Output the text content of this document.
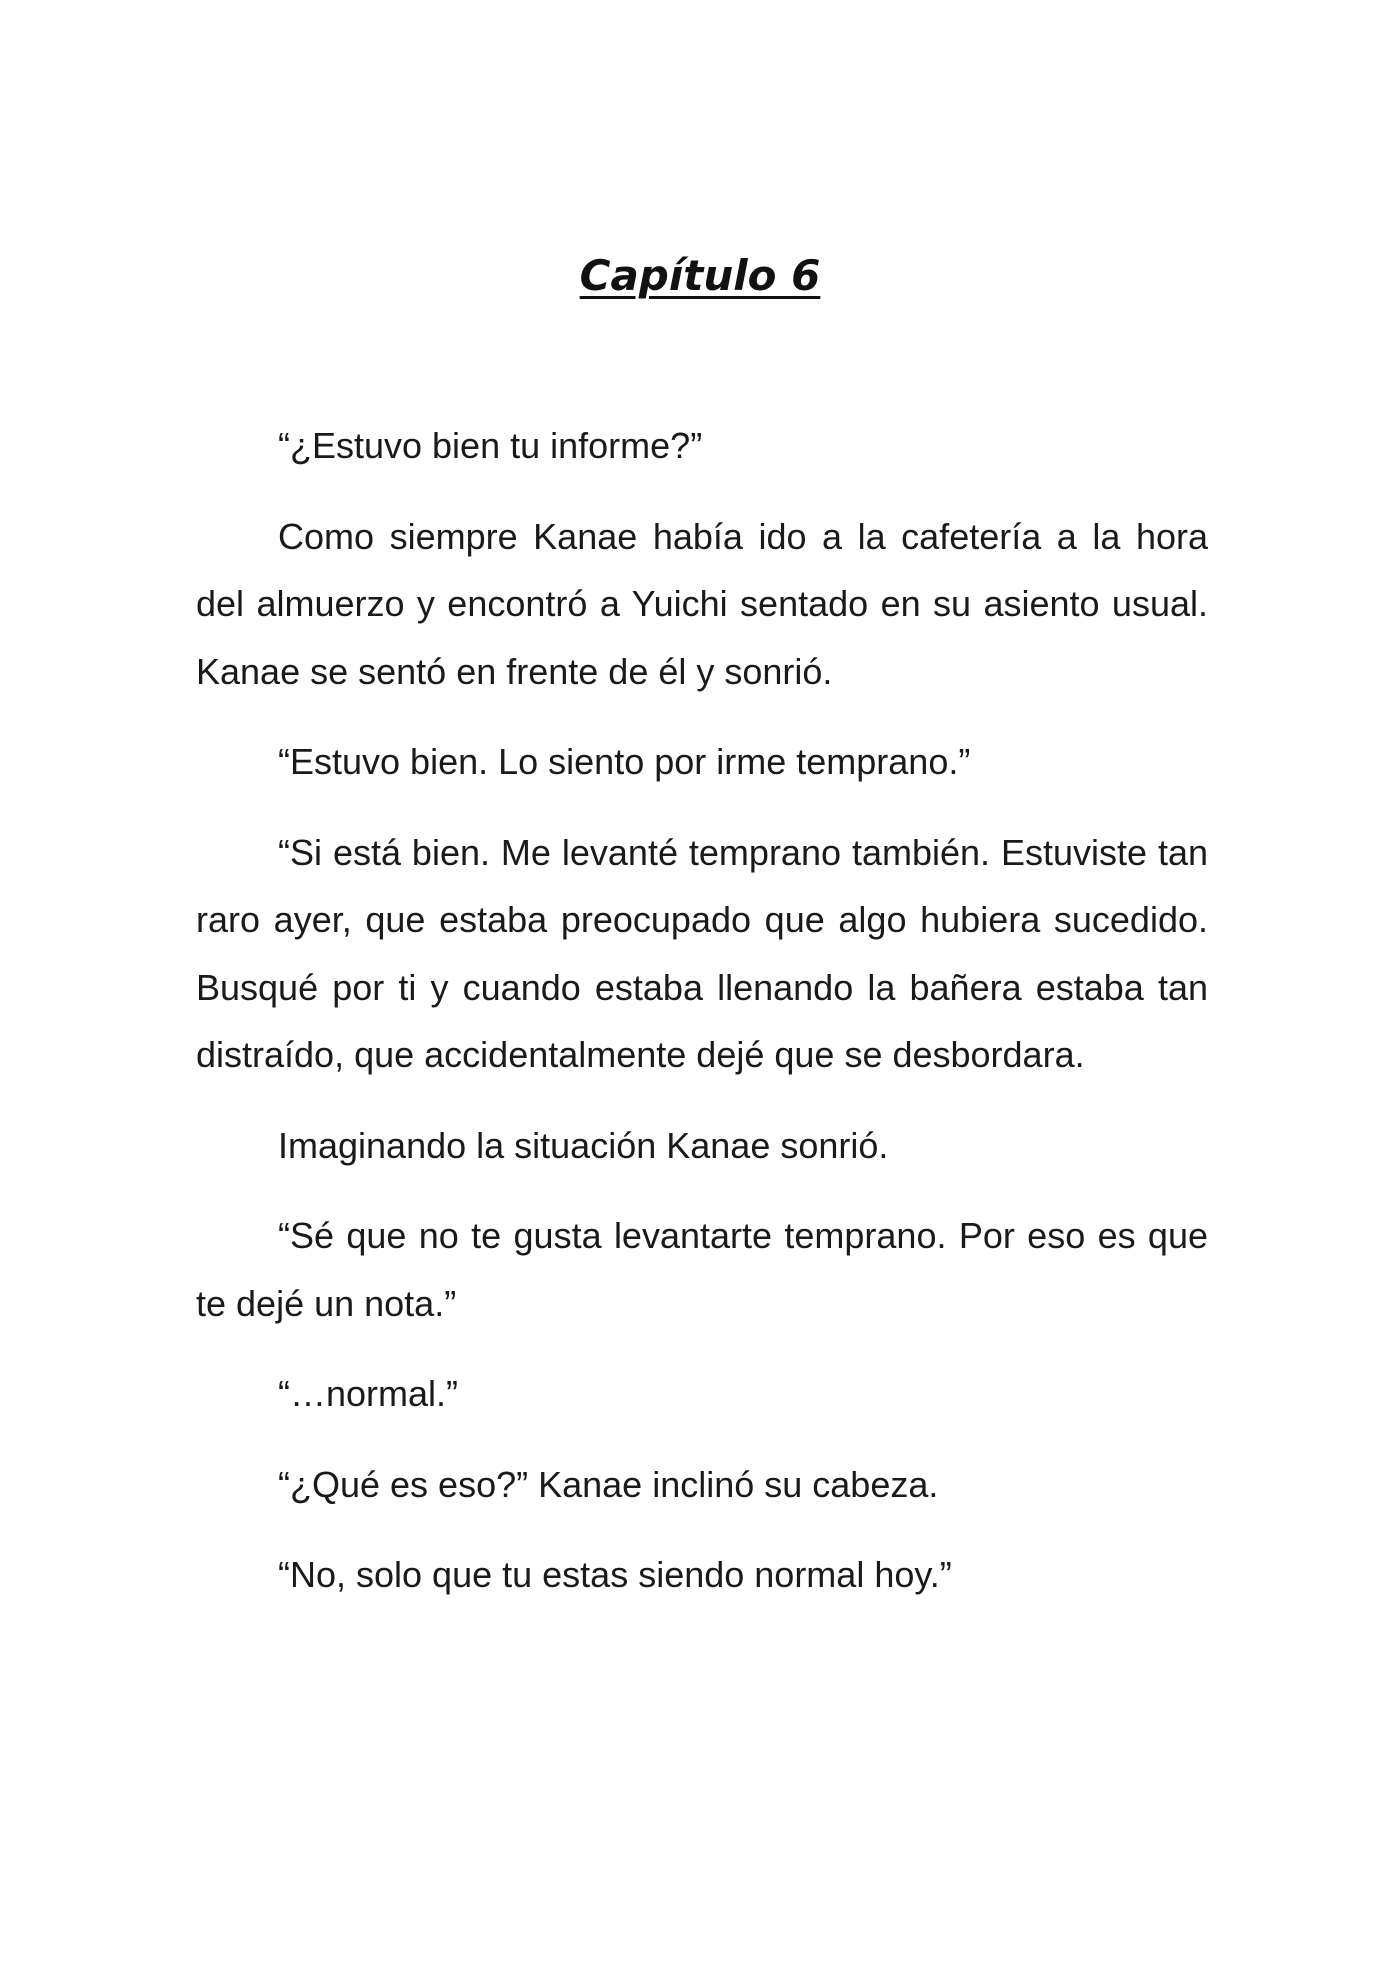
Capítulo 6

“¿Estuvo bien tu informe?”

Como siempre Kanae había ido a la cafetería a la hora del almuerzo y encontró a Yuichi sentado en su asiento usual. Kanae se sentó en frente de él y sonrió.

“Estuvo bien. Lo siento por irme temprano.”

“Si está bien. Me levanté temprano también. Estuviste tan raro ayer, que estaba preocupado que algo hubiera sucedido. Busqué por ti y cuando estaba llenando la bañera estaba tan distraído, que accidentalmente dejé que se desbordara.

Imaginando la situación Kanae sonrió.

“Sé que no te gusta levantarte temprano. Por eso es que te dejé un nota.”

“…normal.”

“¿Qué es eso?” Kanae inclinó su cabeza.

“No, solo que tu estas siendo normal hoy.”
